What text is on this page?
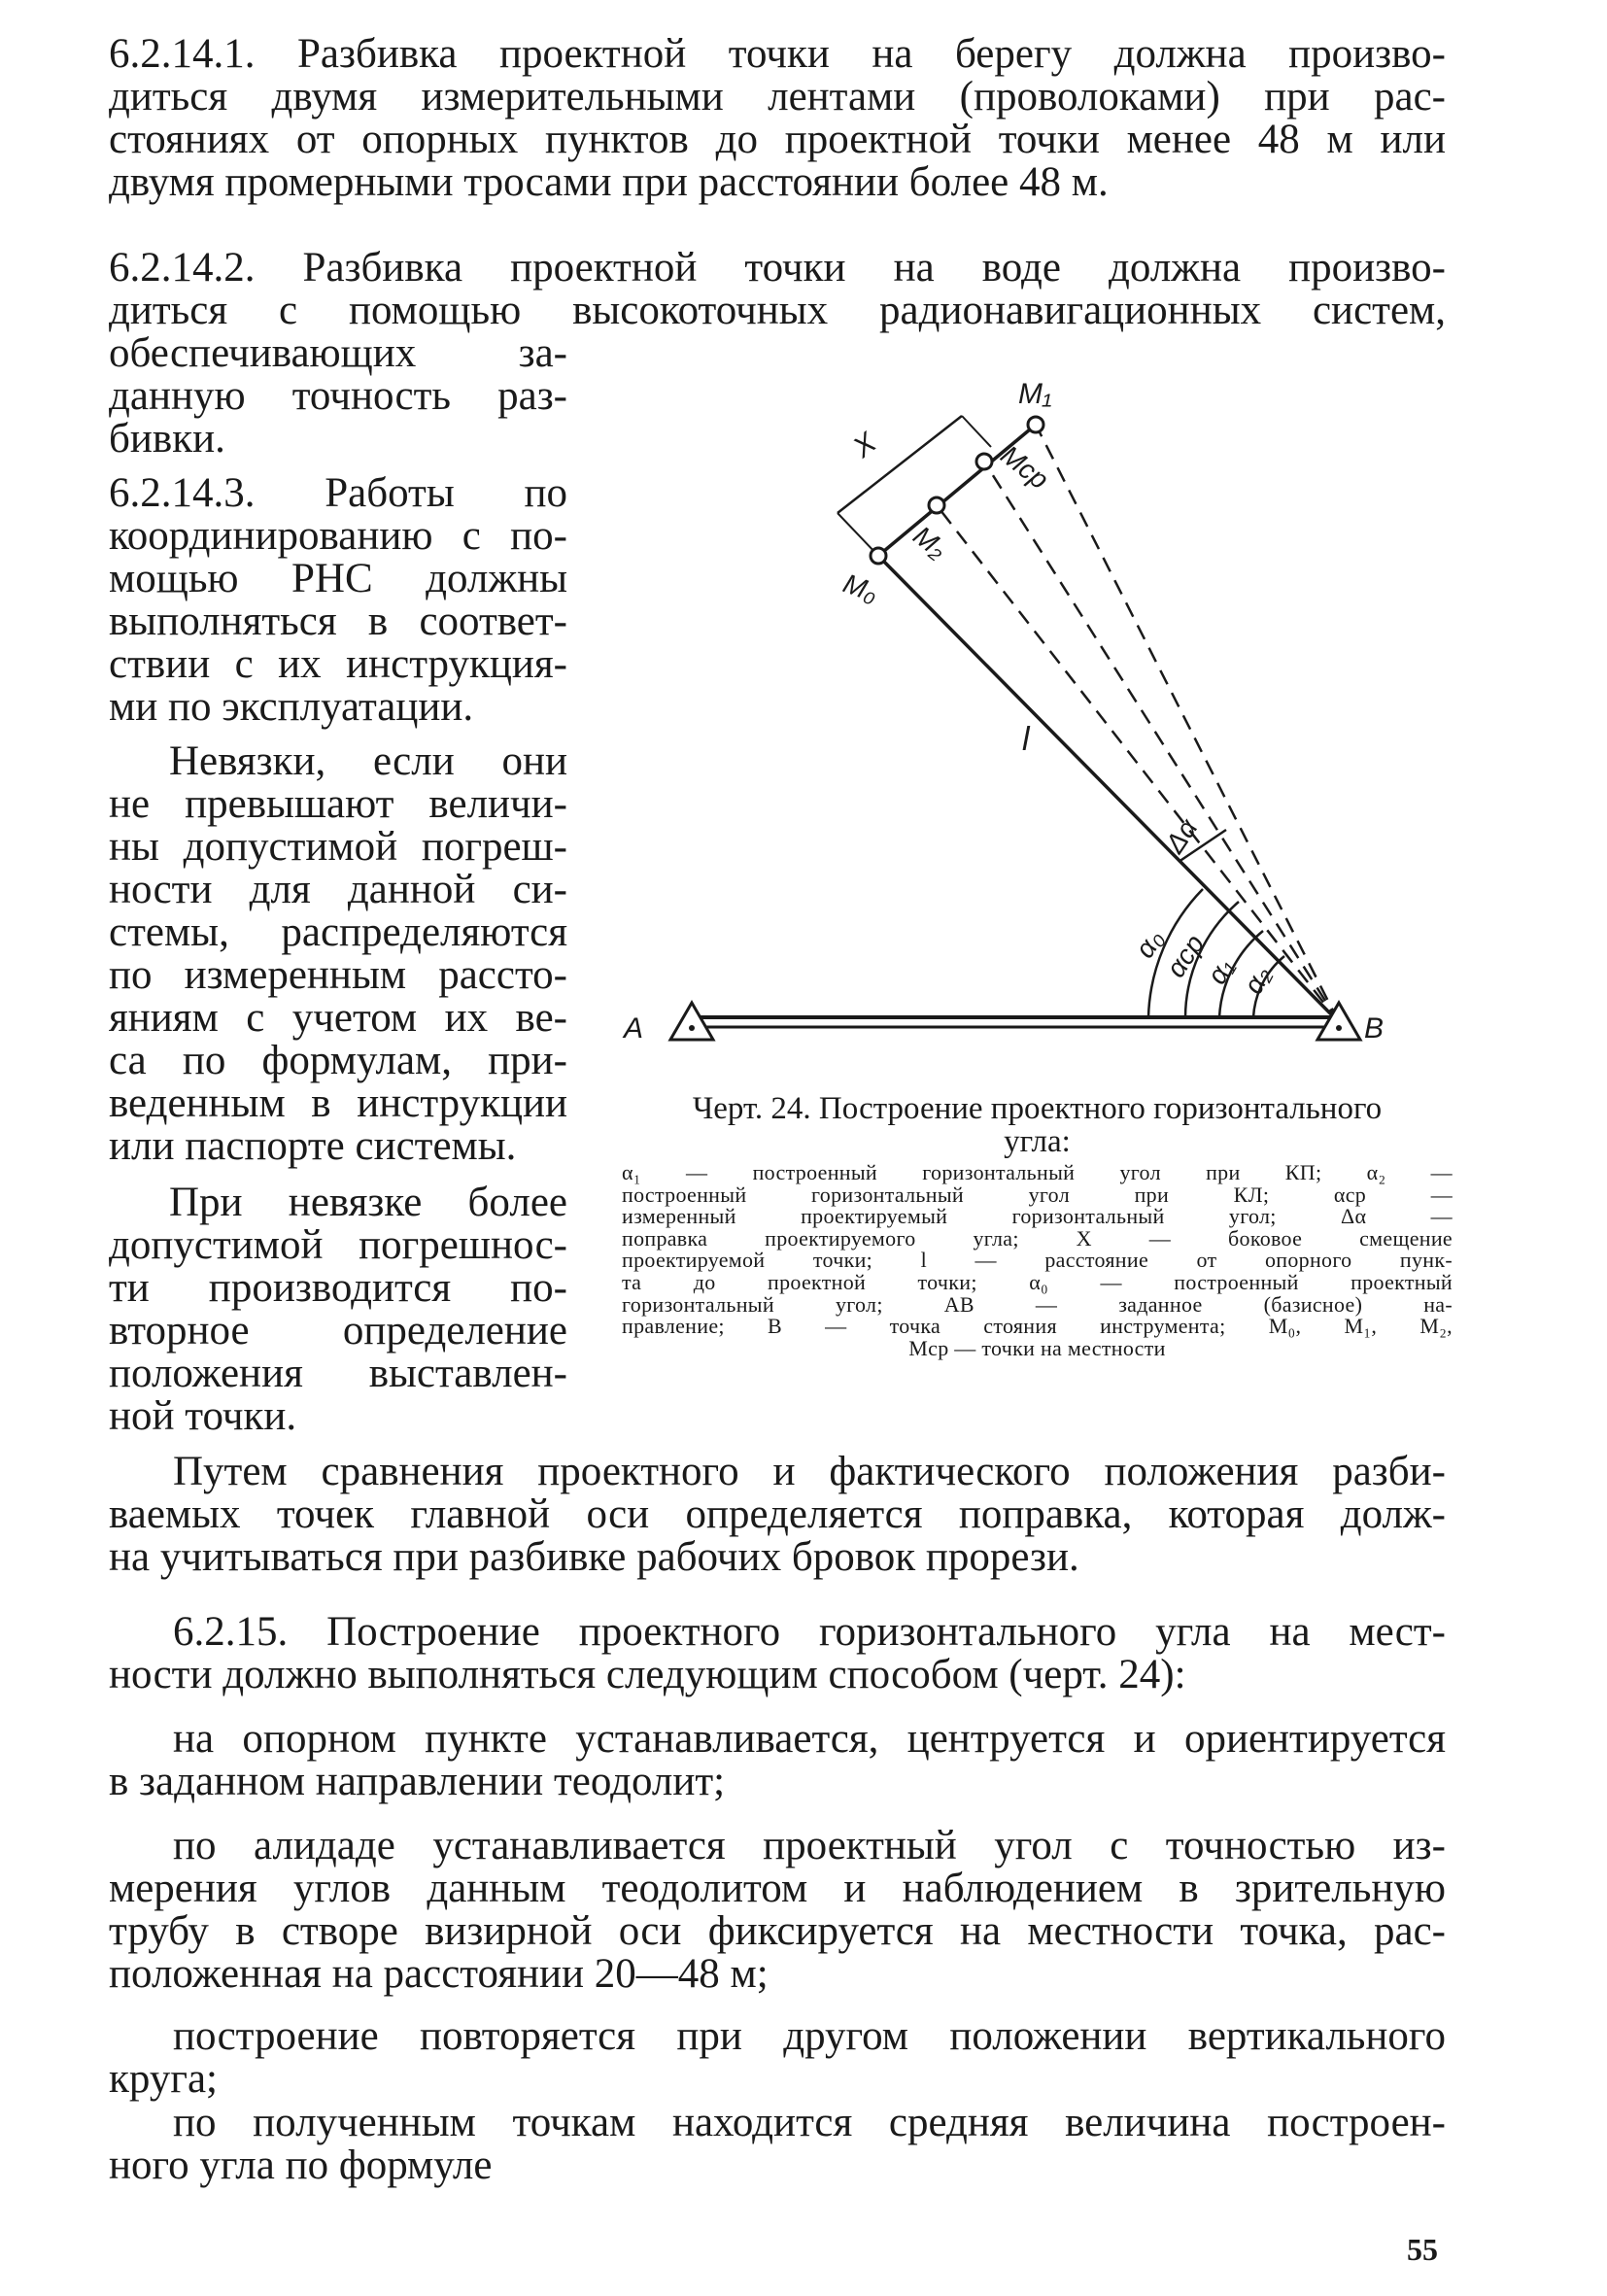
6.2.14.1. Разбивка проектной точки на берегу должна произво-
диться двумя измерительными лентами (проволоками) при рас-
стояниях от опорных пунктов до проектной точки менее 48 м или
двумя промерными тросами при расстоянии более 48 м.
6.2.14.2. Разбивка проектной точки на воде должна произво-
диться с помощью высокоточных радионавигационных систем,
обеспечивающих за-
данную точность раз-
бивки.
6.2.14.3. Работы по
координированию с по-
мощью РНС должны
выполняться в соответ-
ствии с их инструкция-
ми по эксплуатации.
Невязки, если они
не превышают величи-
ны допустимой погреш-
ности для данной си-
стемы, распределяются
по измеренным рассто-
яниям с учетом их ве-
са по формулам, при-
веденным в инструкции
или паспорте системы.
При невязке более
допустимой погрешнос-
ти производится по-
вторное определение
положения выставлен-
ной точки.
M₁
Mср
M₂
M₀
X
l
Δα
α₀
αср
α₁
α₂
А	В
Черт. 24. Построение проектного горизонтального
угла:
α₁ — построенный горизонтальный угол при КП; α₂ —
построенный горизонтальный угол при КЛ; αср —
измеренный проектируемый горизонтальный угол; Δα —
поправка проектируемого угла; X — боковое смещение
проектируемой точки; l — расстояние от опорного пунк-
та до проектной точки; α₀ — построенный проектный
горизонтальный угол; AB — заданное (базисное) на-
правление; B — точка стояния инструмента; M₀, M₁, M₂,
Mср — точки на местности
Путем сравнения проектного и фактического положения разби-
ваемых точек главной оси определяется поправка, которая долж-
на учитываться при разбивке рабочих бровок прорези.
6.2.15. Построение проектного горизонтального угла на мест-
ности должно выполняться следующим способом (черт. 24):
на опорном пункте устанавливается, центруется и ориентируется
в заданном направлении теодолит;
по алидаде устанавливается проектный угол с точностью из-
мерения углов данным теодолитом и наблюдением в зрительную
трубу в створе визирной оси фиксируется на местности точка, рас-
положенная на расстоянии 20—48 м;
построение повторяется при другом положении вертикального
круга;
по полученным точкам находится средняя величина построен-
ного угла по формуле
55
